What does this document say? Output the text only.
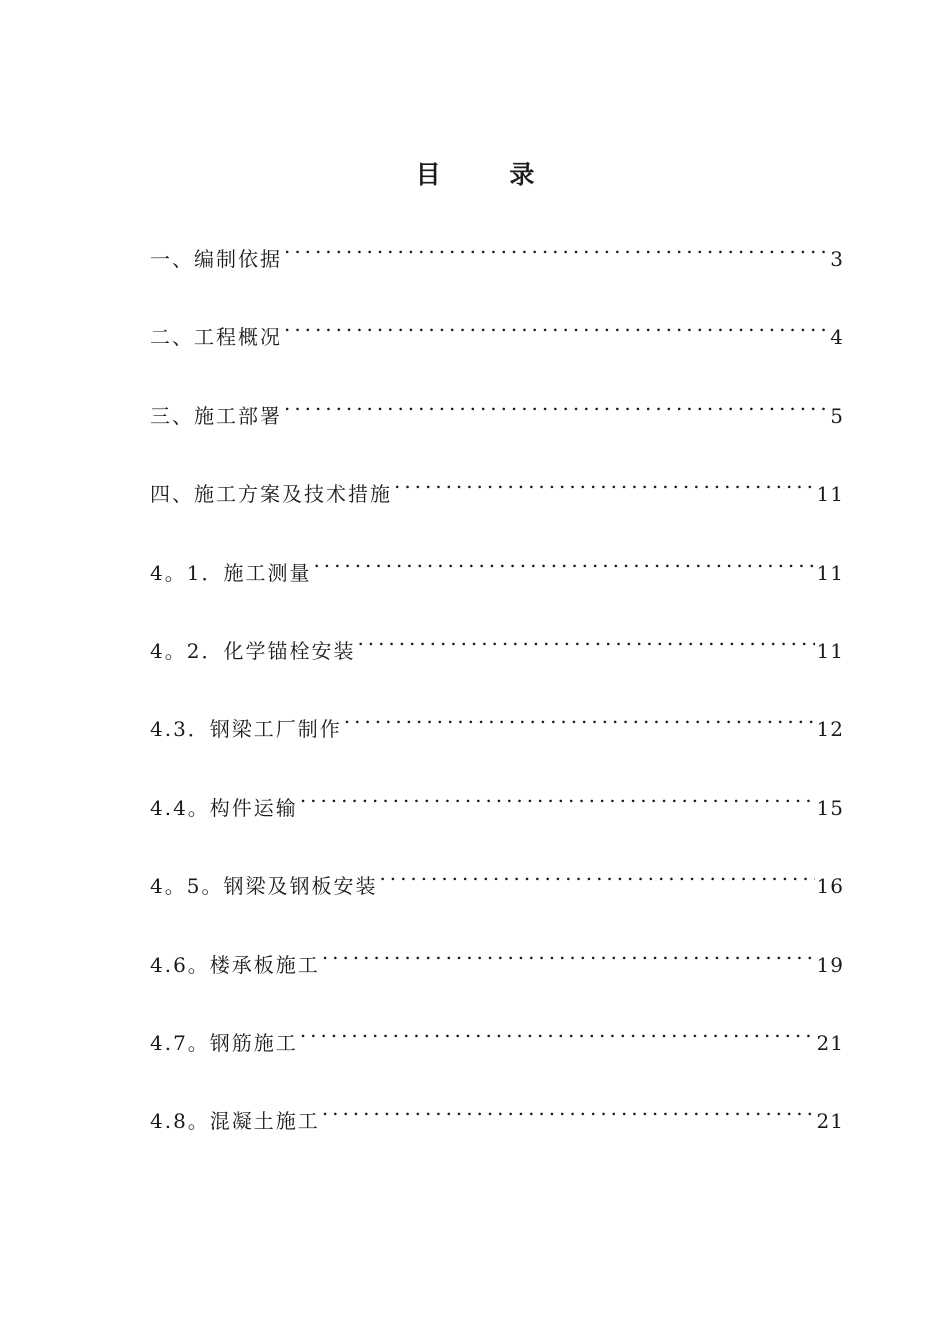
目 录
一、编制依据 . . .	3
二、工程概况 . . .	4
三、施工部署 . . .	5
四、施工方案及技术措施 . . .	11
4。1．施工测量 . . .	11
4。2．化学锚栓安装 . . .	11
4.3．钢梁工厂制作 . . .	12
4.4。构件运输 . . .	15
4。5。钢梁及钢板安装 . . .	16
4.6。楼承板施工 . . .	19
4.7。钢筋施工 . . .	21
4.8。混凝土施工 . . .	21
